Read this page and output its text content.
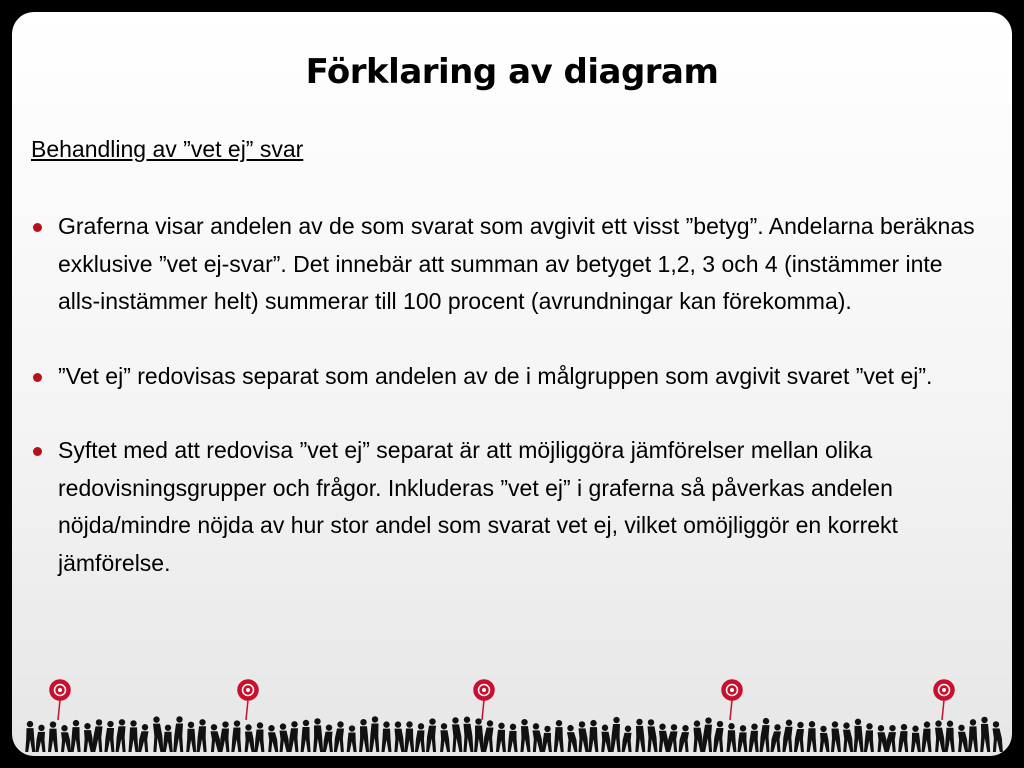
Förklaring av diagram
Behandling av ”vet ej” svar
Graferna visar andelen av de som svarat som avgivit ett visst ”betyg”. Andelarna beräknas exklusive ”vet ej-svar”. Det innebär att summan av betyget 1,2, 3 och 4 (instämmer inte alls-instämmer helt) summerar till 100 procent (avrundningar kan förekomma).
”Vet ej” redovisas separat som andelen av de i målgruppen som avgivit svaret ”vet ej”.
Syftet med att redovisa ”vet ej” separat är att möjliggöra jämförelser mellan olika redovisningsgrupper och frågor. Inkluderas ”vet ej” i graferna så påverkas andelen nöjda/mindre nöjda av hur stor andel som svarat vet ej, vilket omöjliggör en korrekt jämförelse.
